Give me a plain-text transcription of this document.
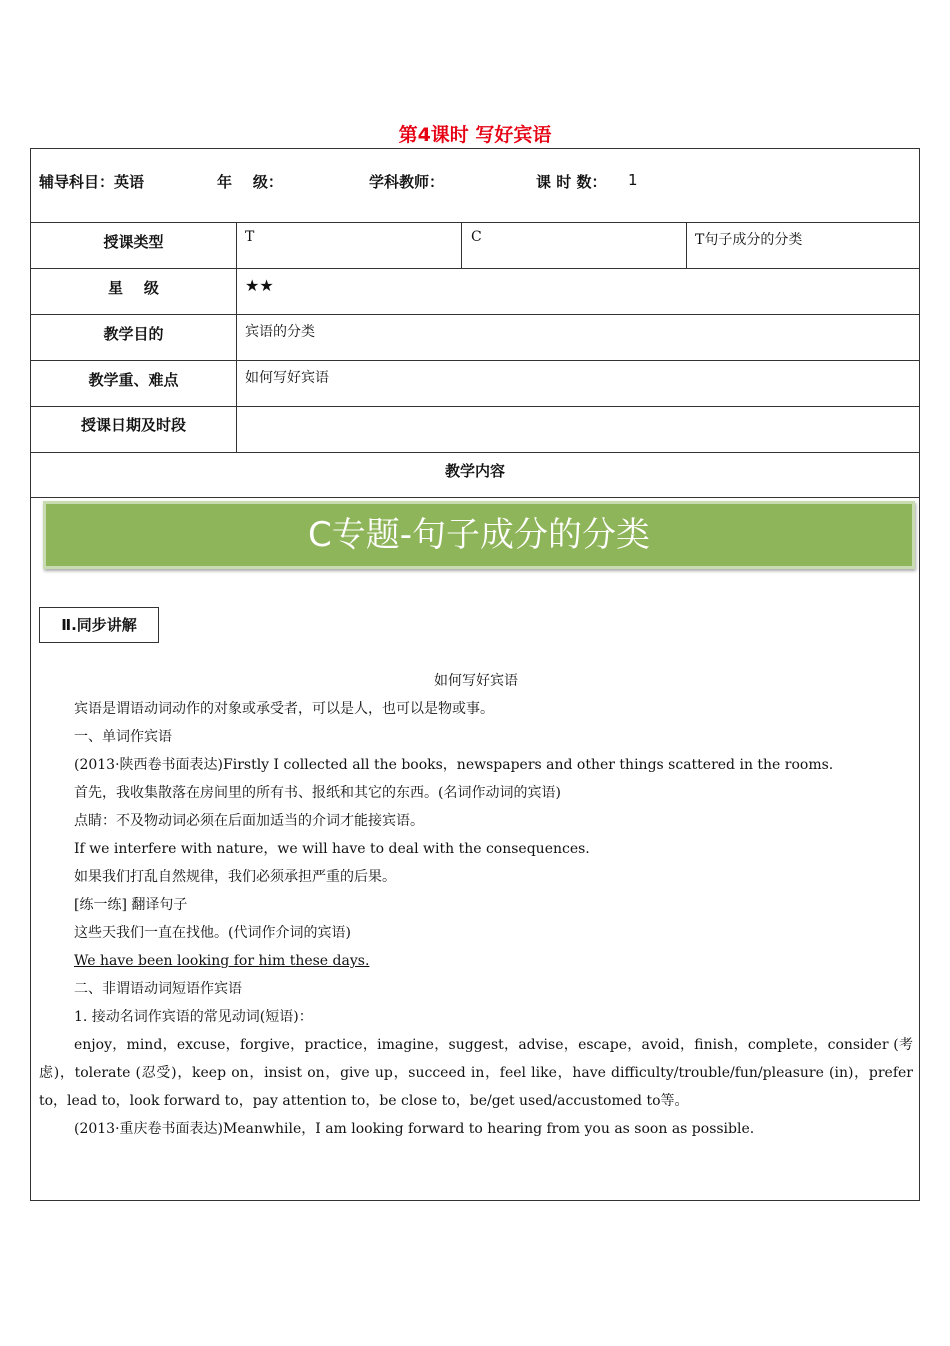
第4课时 写好宾语
辅导科目：英语	年    级：	学科教师：	课 时 数： 1
授课类型	T	C	T句子成分的分类
星    级	★★
教学目的	宾语的分类
教学重、难点	如何写好宾语
授课日期及时段
教学内容
C专题-句子成分的分类
Ⅱ.同步讲解
如何写好宾语
宾语是谓语动词动作的对象或承受者，可以是人，也可以是物或事。
一、单词作宾语
(2013·陕西卷书面表达)Firstly I collected all the books，newspapers and other things scattered in the rooms.
首先，我收集散落在房间里的所有书、报纸和其它的东西。(名词作动词的宾语)
点睛：不及物动词必须在后面加适当的介词才能接宾语。
If we interfere with nature，we will have to deal with the consequences.
如果我们打乱自然规律，我们必须承担严重的后果。
[练一练] 翻译句子
这些天我们一直在找他。(代词作介词的宾语)
We have been looking for him these days.
二、非谓语动词短语作宾语
1. 接动名词作宾语的常见动词(短语)：
enjoy，mind，excuse，forgive，practice，imagine，suggest，advise，escape，avoid，finish，complete，consider (考虑)，tolerate (忍受)，keep on，insist on，give up，succeed in，feel like，have difficulty/trouble/fun/pleasure (in)，prefer to，lead to，look forward to，pay attention to，be close to，be/get used/accustomed to等。
(2013·重庆卷书面表达)Meanwhile，I am looking forward to hearing from you as soon as possible.
